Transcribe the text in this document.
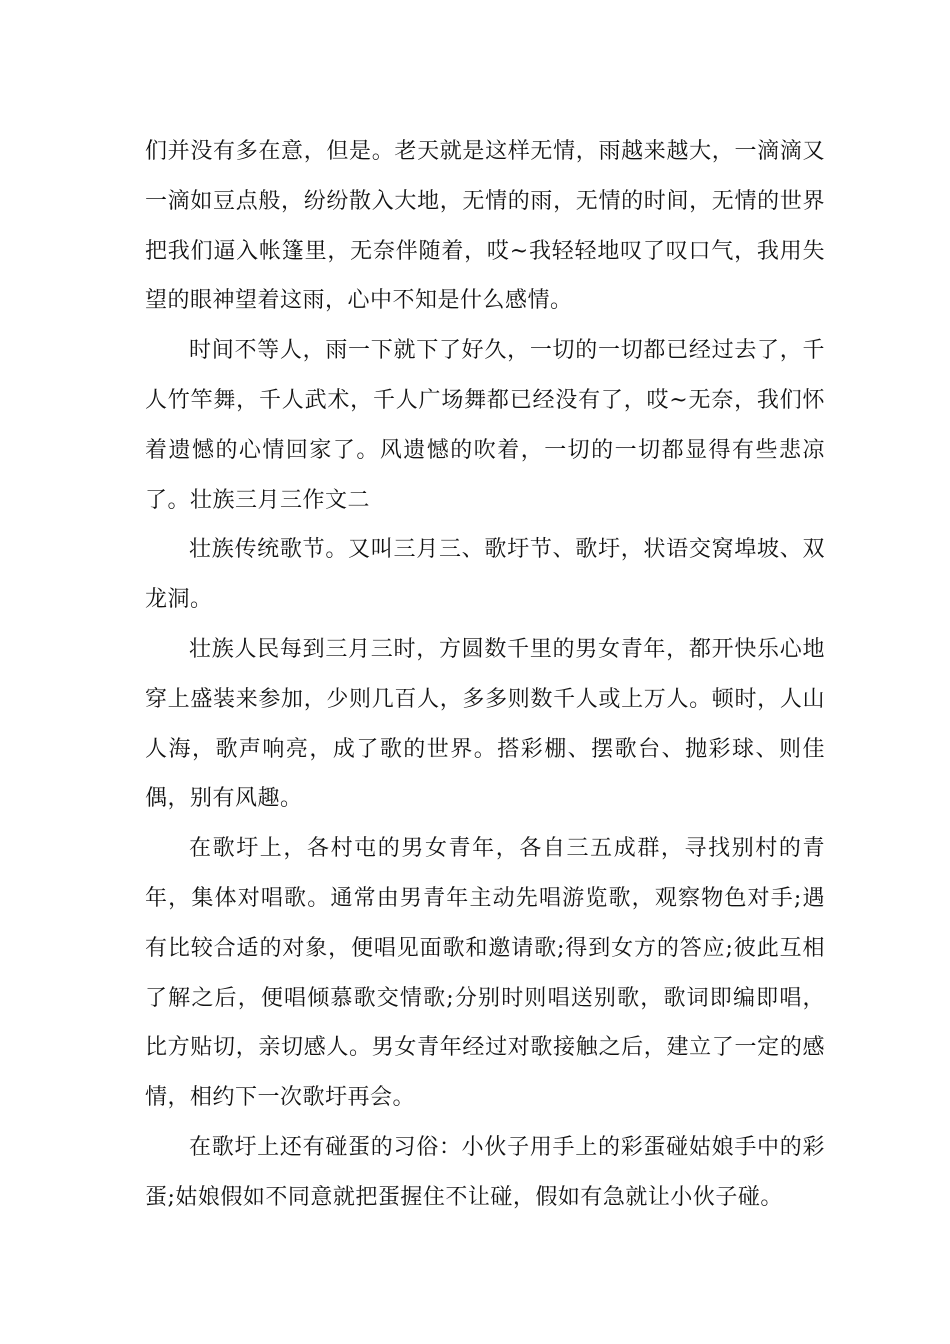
们并没有多在意，但是。老天就是这样无情，雨越来越大，一滴滴又一滴如豆点般，纷纷散入大地，无情的雨，无情的时间，无情的世界把我们逼入帐篷里，无奈伴随着，哎~我轻轻地叹了叹口气，我用失望的眼神望着这雨，心中不知是什么感情。

时间不等人，雨一下就下了好久，一切的一切都已经过去了，千人竹竿舞，千人武术，千人广场舞都已经没有了，哎~无奈，我们怀着遗憾的心情回家了。风遗憾的吹着，一切的一切都显得有些悲凉了。壮族三月三作文二

壮族传统歌节。又叫三月三、歌圩节、歌圩，状语交窝埠坡、双龙洞。

壮族人民每到三月三时，方圆数千里的男女青年，都开快乐心地穿上盛装来参加，少则几百人，多多则数千人或上万人。顿时，人山人海，歌声响亮，成了歌的世界。搭彩棚、摆歌台、抛彩球、则佳偶，别有风趣。

在歌圩上，各村屯的男女青年，各自三五成群，寻找别村的青年，集体对唱歌。通常由男青年主动先唱游览歌，观察物色对手;遇有比较合适的对象，便唱见面歌和邀请歌;得到女方的答应;彼此互相了解之后，便唱倾慕歌交情歌;分别时则唱送别歌，歌词即编即唱，比方贴切，亲切感人。男女青年经过对歌接触之后，建立了一定的感情，相约下一次歌圩再会。

在歌圩上还有碰蛋的习俗：小伙子用手上的彩蛋碰姑娘手中的彩蛋;姑娘假如不同意就把蛋握住不让碰，假如有急就让小伙子碰。
